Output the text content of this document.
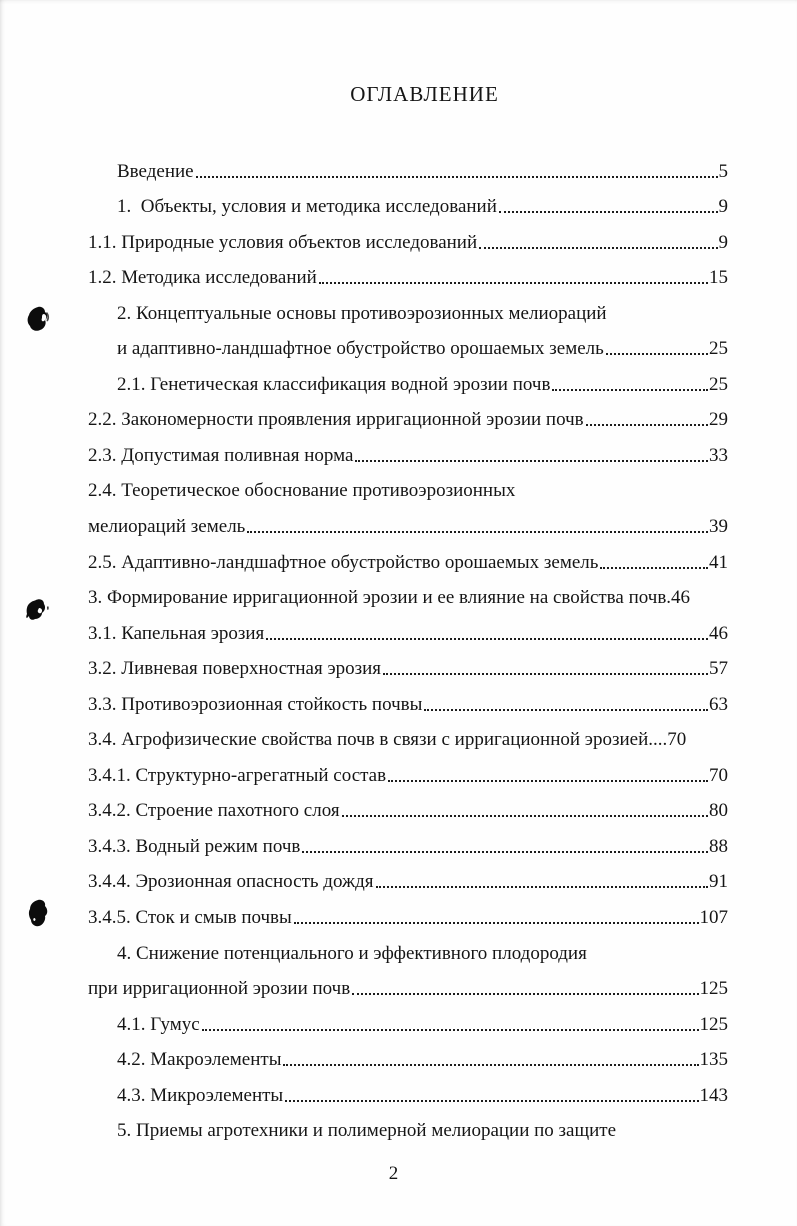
ОГЛАВЛЕНИЕ
Введение	5
1.  Объекты, условия и методика исследований	9
1.1. Природные условия объектов исследований	9
1.2. Методика исследований	15
2. Концептуальные основы противоэрозионных мелиораций
и адаптивно-ландшафтное обустройство орошаемых земель	25
2.1. Генетическая классификация водной эрозии почв	25
2.2. Закономерности проявления ирригационной эрозии почв	29
2.3. Допустимая поливная норма	33
2.4. Теоретическое обоснование противоэрозионных
мелиораций земель	39
2.5. Адаптивно-ландшафтное обустройство орошаемых земель	41
3. Формирование ирригационной эрозии и ее влияние на свойства почв. 46
3.1. Капельная эрозия	46
3.2. Ливневая поверхностная эрозия	57
3.3. Противоэрозионная стойкость почвы	63
3.4. Агрофизические свойства почв в связи с ирригационной эрозией.... 70
3.4.1. Структурно-агрегатный состав	70
3.4.2. Строение пахотного слоя	80
3.4.3. Водный режим почв	88
3.4.4. Эрозионная опасность дождя	91
3.4.5. Сток и смыв почвы	107
4. Снижение потенциального и эффективного плодородия
при ирригационной эрозии почв	125
4.1. Гумус	125
4.2. Макроэлементы	135
4.3. Микроэлементы	143
5. Приемы агротехники и полимерной мелиорации по защите
2
